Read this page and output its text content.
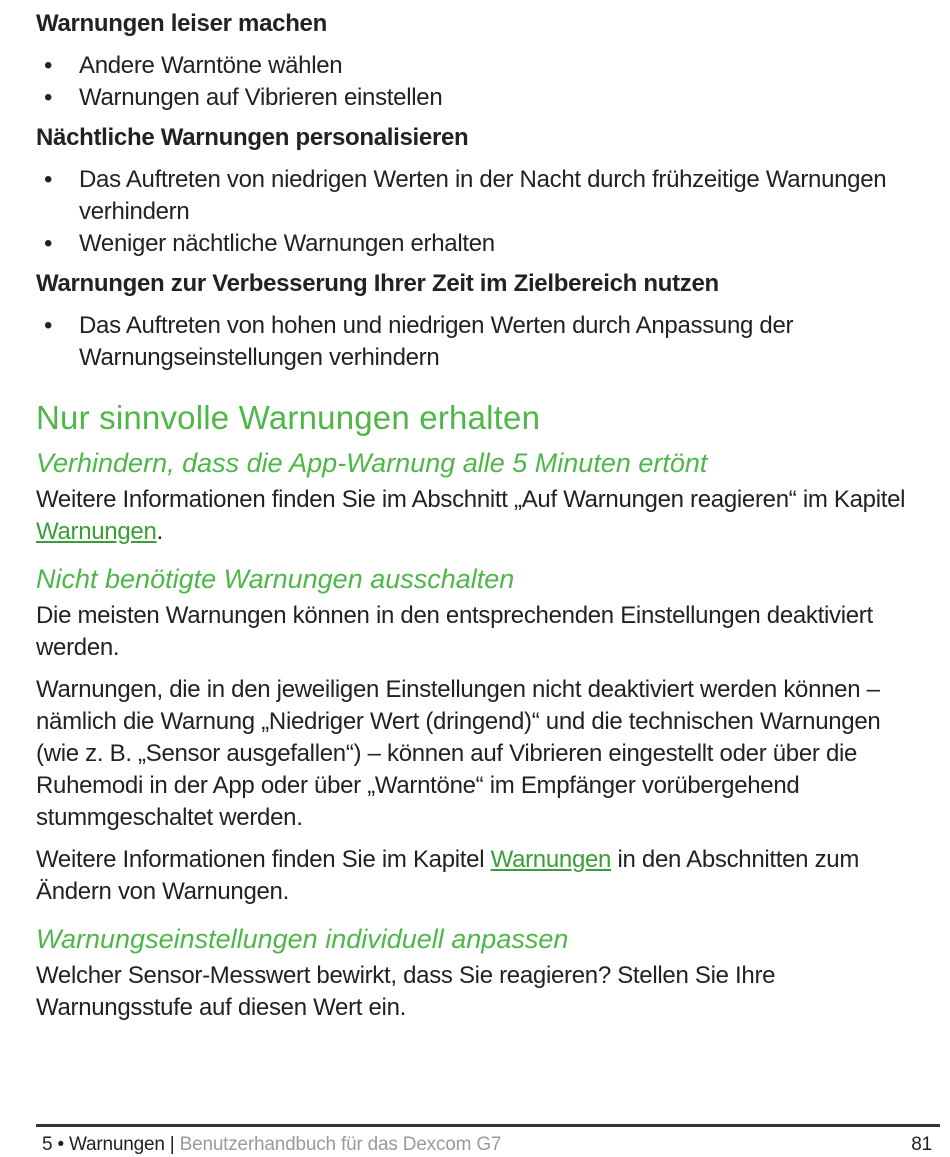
Warnungen leiser machen
• Andere Warntöne wählen
• Warnungen auf Vibrieren einstellen
Nächtliche Warnungen personalisieren
• Das Auftreten von niedrigen Werten in der Nacht durch frühzeitige Warnungen verhindern
• Weniger nächtliche Warnungen erhalten
Warnungen zur Verbesserung Ihrer Zeit im Zielbereich nutzen
• Das Auftreten von hohen und niedrigen Werten durch Anpassung der Warnungseinstellungen verhindern
Nur sinnvolle Warnungen erhalten
Verhindern, dass die App-Warnung alle 5 Minuten ertönt

Weitere Informationen finden Sie im Abschnitt „Auf Warnungen reagieren“ im Kapitel Warnungen.

Nicht benötigte Warnungen ausschalten

Die meisten Warnungen können in den entsprechenden Einstellungen deaktiviert werden.

Warnungen, die in den jeweiligen Einstellungen nicht deaktiviert werden können – nämlich die Warnung „Niedriger Wert (dringend)“ und die technischen Warnungen (wie z. B. „Sensor ausgefallen“) – können auf Vibrieren eingestellt oder über die Ruhemodi in der App oder über „Warntöne“ im Empfänger vorübergehend stummgeschaltet werden.

Weitere Informationen finden Sie im Kapitel Warnungen in den Abschnitten zum Ändern von Warnungen.

Warnungseinstellungen individuell anpassen

Welcher Sensor-Messwert bewirkt, dass Sie reagieren? Stellen Sie Ihre Warnungsstufe auf diesen Wert ein.

5 • Warnungen | Benutzerhandbuch für das Dexcom G7	81
